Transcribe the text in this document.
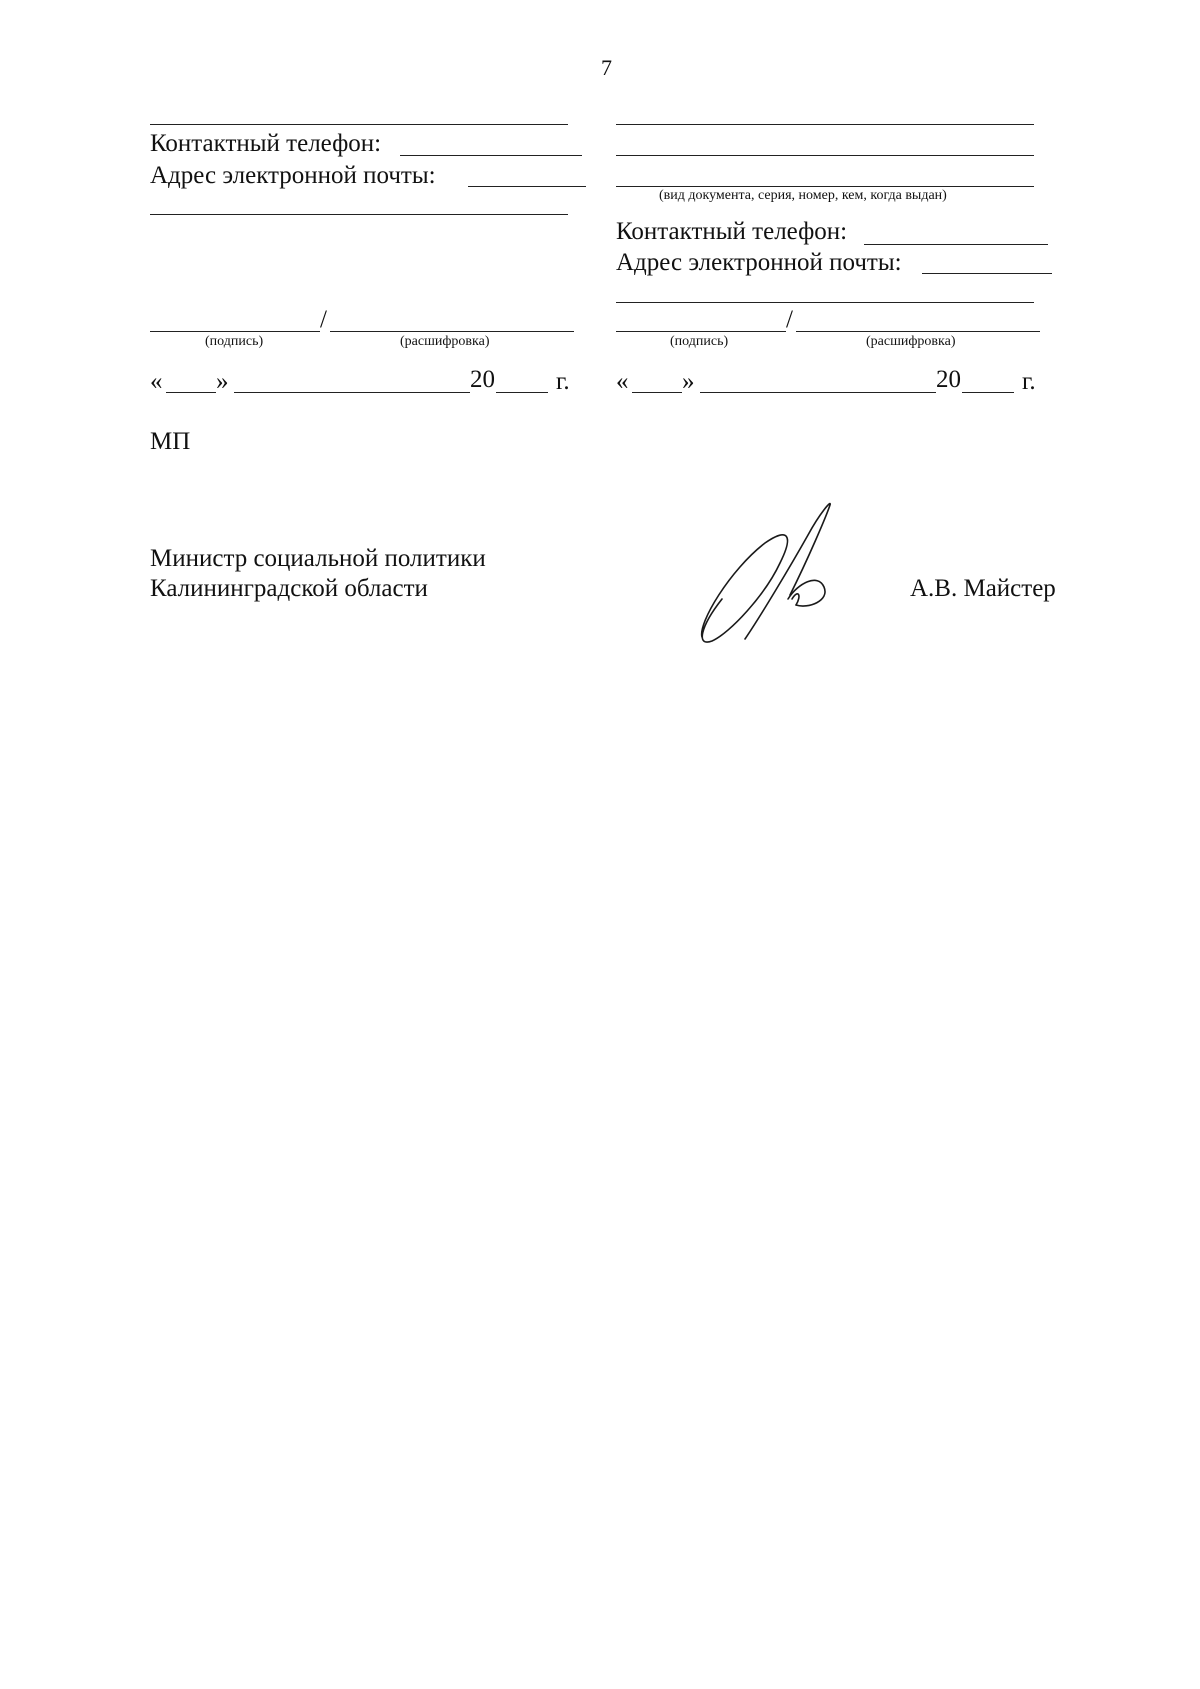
7
Контактный телефон:
Адрес электронной почты:
/
(подпись)	(расшифровка)
« »	20 г.
МП
(вид документа, серия, номер, кем, когда выдан)
Контактный телефон:
Адрес электронной почты:
/
(подпись)	(расшифровка)
« »	20 г.
Министр социальной политики
Калининградской области	А.В. Майстер
